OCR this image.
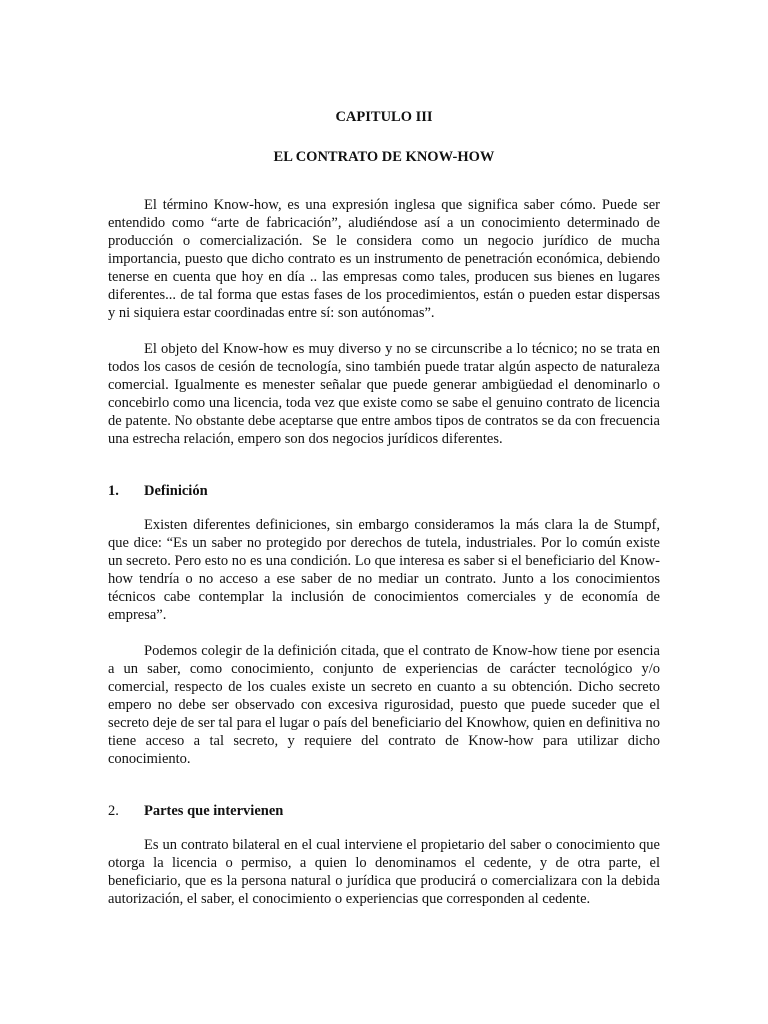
CAPITULO III
EL CONTRATO DE KNOW-HOW

El término Know-how, es una expresión inglesa que significa saber cómo. Puede ser entendido como “arte de fabricación”, aludiéndose así a un conocimiento determinado de producción o comercialización. Se le considera como un negocio jurídico de mucha importancia, puesto que dicho contrato es un instrumento de penetración económica, debiendo tenerse en cuenta que hoy en día .. las empresas como tales, producen sus bienes en lugares diferentes... de tal forma que estas fases de los procedimientos, están o pueden estar dispersas y ni siquiera estar coordinadas entre sí: son autónomas”.

El objeto del Know-how es muy diverso y no se circunscribe a lo técnico; no se trata en todos los casos de cesión de tecnología, sino también puede tratar algún aspecto de naturaleza comercial. Igualmente es menester señalar que puede generar ambigüedad el denominarlo o concebirlo como una licencia, toda vez que existe como se sabe el genuino contrato de licencia de patente. No obstante debe aceptarse que entre ambos tipos de contratos se da con frecuencia una estrecha relación, empero son dos negocios jurídicos diferentes.

1.	Definición

Existen diferentes definiciones, sin embargo consideramos la más clara la de Stumpf, que dice: “Es un saber no protegido por derechos de tutela, industriales. Por lo común existe un secreto. Pero esto no es una condición. Lo que interesa es saber si el beneficiario del Know-how tendría o no acceso a ese saber de no mediar un contrato. Junto a los conocimientos técnicos cabe contemplar la inclusión de conocimientos comerciales y de economía de empresa”.

Podemos colegir de la definición citada, que el contrato de Know-how tiene por esencia a un saber, como conocimiento, conjunto de experiencias de carácter tecnológico y/o comercial, respecto de los cuales existe un secreto en cuanto a su obtención. Dicho secreto empero no debe ser observado con excesiva rigurosidad, puesto que puede suceder que el secreto deje de ser tal para el lugar o país del beneficiario del Knowhow, quien en definitiva no tiene acceso a tal secreto, y requiere del contrato de Know-how para utilizar dicho conocimiento.

2.	Partes que intervienen

Es un contrato bilateral en el cual interviene el propietario del saber o conocimiento que otorga la licencia o permiso, a quien lo denominamos el cedente, y de otra parte, el beneficiario, que es la persona natural o jurídica que producirá o comercializara con la debida autorización, el saber, el conocimiento o experiencias que corresponden al cedente.
